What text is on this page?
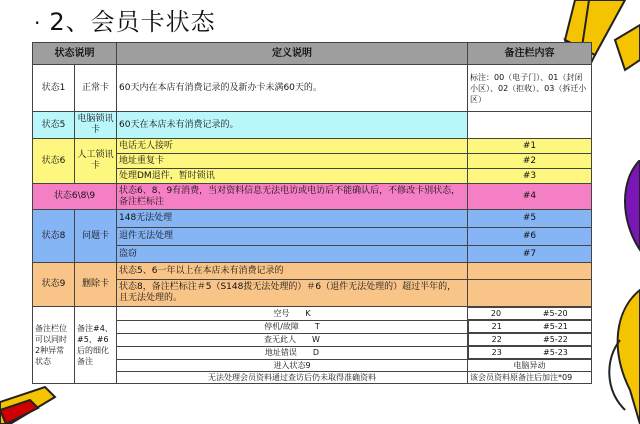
· 2、会员卡状态
状态说明		定义说明	备注栏内容
状态1	正常卡	60天内在本店有消费记录的及新办卡未满60天的。	标注：00（电子门）、01（封闭小区）、02（拒收）、03（拆迁小区）
状态5	电脑锁讯卡	60天在本店未有消费记录的。	
状态6	人工锁讯卡	电话无人接听	#1
		地址重复卡	#2
		处理DM退件，暂时锁讯	#3
状态6\8\9		状态6、8、9有消费，当对资料信息无法电访或电访后不能确认后，不修改卡别状态，备注栏标注	#4
状态8	问题卡	148无法处理	#5
		退件无法处理	#6
		盗窃	#7
状态9	删除卡	状态5、6一年以上在本店未有消费记录的	
		状态8，备注栏标注＃5（S148拨无法处理的）＃6（退件无法处理的）超过半年的，且无法处理的。	
备注栏位可以同时2种异常状态	备注#4、#5、#6后的细化备注	空号　　K		20	#5-20

		停机/故障　　T		21	#5-21

		查无此人　　W		22	#5-22

		地址错误　　D		23	#5-23

		进入状态9	电脑异动
		无法处理会员资料通过查访后仍未取得准确资料	该会员资料原备注后加注*09
